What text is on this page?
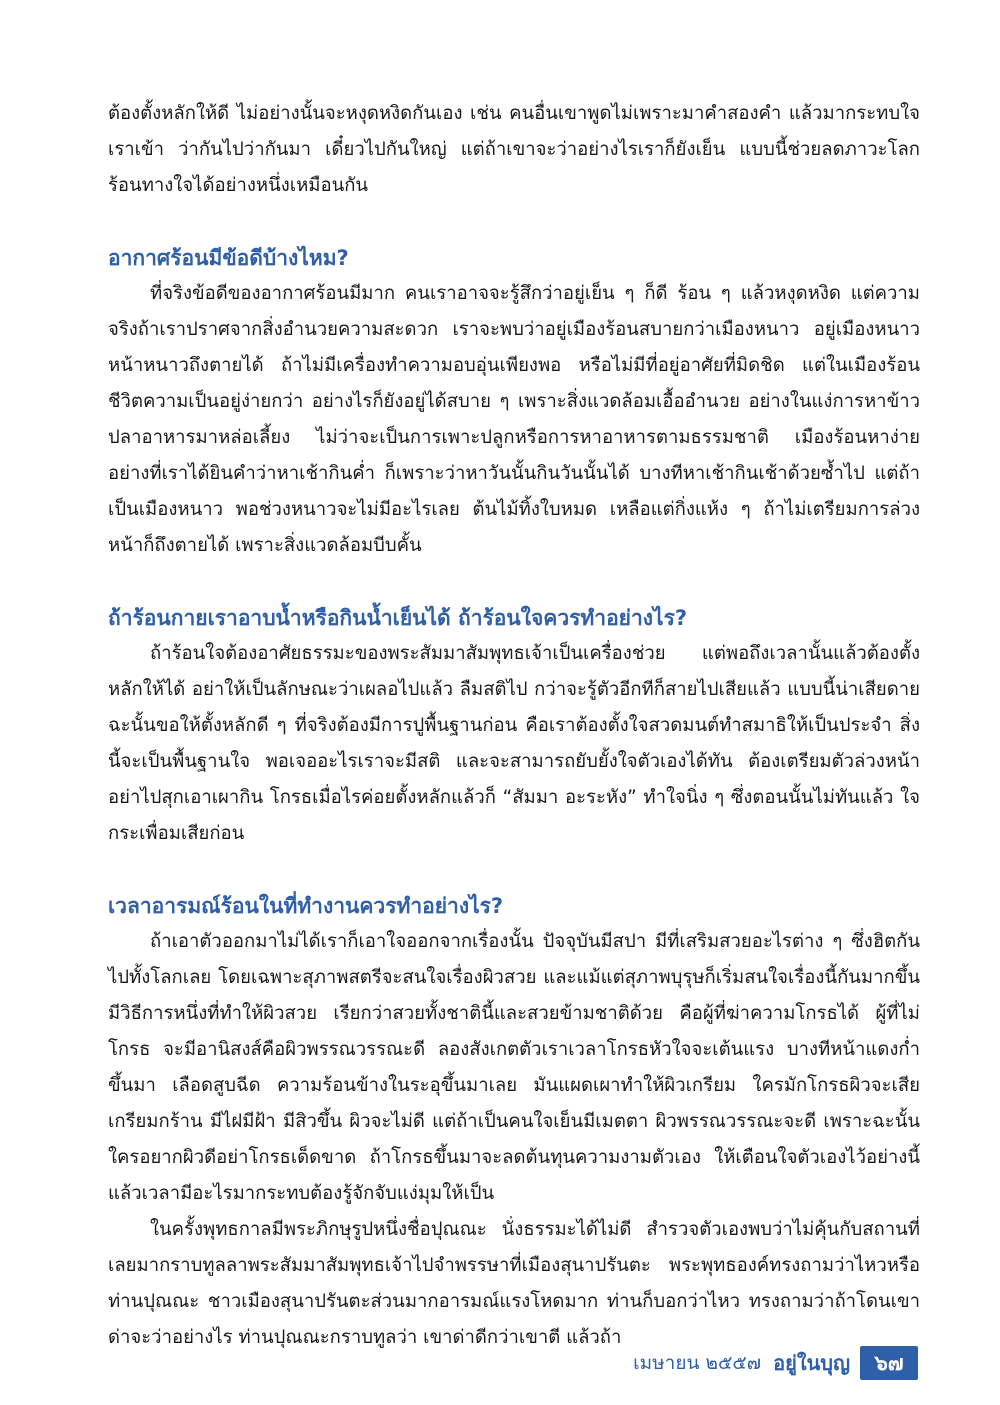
ต้องตั้งหลักให้ดี ไม่อย่างนั้นจะหงุดหงิดกันเอง เช่น คนอื่นเขาพูดไม่เพราะมาคำสองคำ แล้วมากระทบใจเราเข้า ว่ากันไปว่ากันมา เดี๋ยวไปกันใหญ่ แต่ถ้าเขาจะว่าอย่างไรเราก็ยังเย็น แบบนี้ช่วยลดภาวะโลกร้อนทางใจได้อย่างหนึ่งเหมือนกัน

อากาศร้อนมีข้อดีบ้างไหม?

ที่จริงข้อดีของอากาศร้อนมีมาก คนเราอาจจะรู้สึกว่าอยู่เย็น ๆ ก็ดี ร้อน ๆ แล้วหงุดหงิด แต่ความจริงถ้าเราปราศจากสิ่งอำนวยความสะดวก เราจะพบว่าอยู่เมืองร้อนสบายกว่าเมืองหนาว อยู่เมืองหนาวหน้าหนาวถึงตายได้ ถ้าไม่มีเครื่องทำความอบอุ่นเพียงพอ หรือไม่มีที่อยู่อาศัยที่มิดชิด แต่ในเมืองร้อนชีวิตความเป็นอยู่ง่ายกว่า อย่างไรก็ยังอยู่ได้สบาย ๆ เพราะสิ่งแวดล้อมเอื้ออำนวย อย่างในแง่การหาข้าวปลาอาหารมาหล่อเลี้ยง ไม่ว่าจะเป็นการเพาะปลูกหรือการหาอาหารตามธรรมชาติ เมืองร้อนหาง่าย อย่างที่เราได้ยินคำว่าหาเช้ากินค่ำ ก็เพราะว่าหาวันนั้นกินวันนั้นได้ บางทีหาเช้ากินเช้าด้วยซ้ำไป แต่ถ้าเป็นเมืองหนาว พอช่วงหนาวจะไม่มีอะไรเลย ต้นไม้ทิ้งใบหมด เหลือแต่กิ่งแห้ง ๆ ถ้าไม่เตรียมการล่วงหน้าก็ถึงตายได้ เพราะสิ่งแวดล้อมบีบคั้น

ถ้าร้อนกายเราอาบน้ำหรือกินน้ำเย็นได้ ถ้าร้อนใจควรทำอย่างไร?

ถ้าร้อนใจต้องอาศัยธรรมะของพระสัมมาสัมพุทธเจ้าเป็นเครื่องช่วย แต่พอถึงเวลานั้นแล้วต้องตั้งหลักให้ได้ อย่าให้เป็นลักษณะว่าเผลอไปแล้ว ลืมสติไป กว่าจะรู้ตัวอีกทีก็สายไปเสียแล้ว แบบนี้น่าเสียดาย ฉะนั้นขอให้ตั้งหลักดี ๆ ที่จริงต้องมีการปูพื้นฐานก่อน คือเราต้องตั้งใจสวดมนต์ทำสมาธิให้เป็นประจำ สิ่งนี้จะเป็นพื้นฐานใจ พอเจออะไรเราจะมีสติ และจะสามารถยับยั้งใจตัวเองได้ทัน ต้องเตรียมตัวล่วงหน้า อย่าไปสุกเอาเผากิน โกรธเมื่อไรค่อยตั้งหลักแล้วก็ “สัมมา อะระหัง” ทำใจนิ่ง ๆ ซึ่งตอนนั้นไม่ทันแล้ว ใจกระเพื่อมเสียก่อน

เวลาอารมณ์ร้อนในที่ทำงานควรทำอย่างไร?

ถ้าเอาตัวออกมาไม่ได้เราก็เอาใจออกจากเรื่องนั้น ปัจจุบันมีสปา มีที่เสริมสวยอะไรต่าง ๆ ซึ่งฮิตกันไปทั้งโลกเลย โดยเฉพาะสุภาพสตรีจะสนใจเรื่องผิวสวย และแม้แต่สุภาพบุรุษก็เริ่มสนใจเรื่องนี้กันมากขึ้น มีวิธีการหนึ่งที่ทำให้ผิวสวย เรียกว่าสวยทั้งชาตินี้และสวยข้ามชาติด้วย คือผู้ที่ฆ่าความโกรธได้ ผู้ที่ไม่โกรธ จะมีอานิสงส์คือผิวพรรณวรรณะดี ลองสังเกตตัวเราเวลาโกรธหัวใจจะเต้นแรง บางทีหน้าแดงก่ำขึ้นมา เลือดสูบฉีด ความร้อนข้างในระอุขึ้นมาเลย มันแผดเผาทำให้ผิวเกรียม ใครมักโกรธผิวจะเสีย เกรียมกร้าน มีไฝมีฝ้า มีสิวขึ้น ผิวจะไม่ดี แต่ถ้าเป็นคนใจเย็นมีเมตตา ผิวพรรณวรรณะจะดี เพราะฉะนั้นใครอยากผิวดีอย่าโกรธเด็ดขาด ถ้าโกรธขึ้นมาจะลดต้นทุนความงามตัวเอง ให้เตือนใจตัวเองไว้อย่างนี้ แล้วเวลามีอะไรมากระทบต้องรู้จักจับแง่มุมให้เป็น

ในครั้งพุทธกาลมีพระภิกษุรูปหนึ่งชื่อปุณณะ นั่งธรรมะได้ไม่ดี สำรวจตัวเองพบว่าไม่คุ้นกับสถานที่ เลยมากราบทูลลาพระสัมมาสัมพุทธเจ้าไปจำพรรษาที่เมืองสุนาปรันตะ พระพุทธองค์ทรงถามว่าไหวหรือท่านปุณณะ ชาวเมืองสุนาปรันตะส่วนมากอารมณ์แรงโหดมาก ท่านก็บอกว่าไหว ทรงถามว่าถ้าโดนเขาด่าจะว่าอย่างไร ท่านปุณณะกราบทูลว่า เขาด่าดีกว่าเขาตี แล้วถ้า

เมษายน ๒๕๕๗ อยู่ในบุญ	๖๗
